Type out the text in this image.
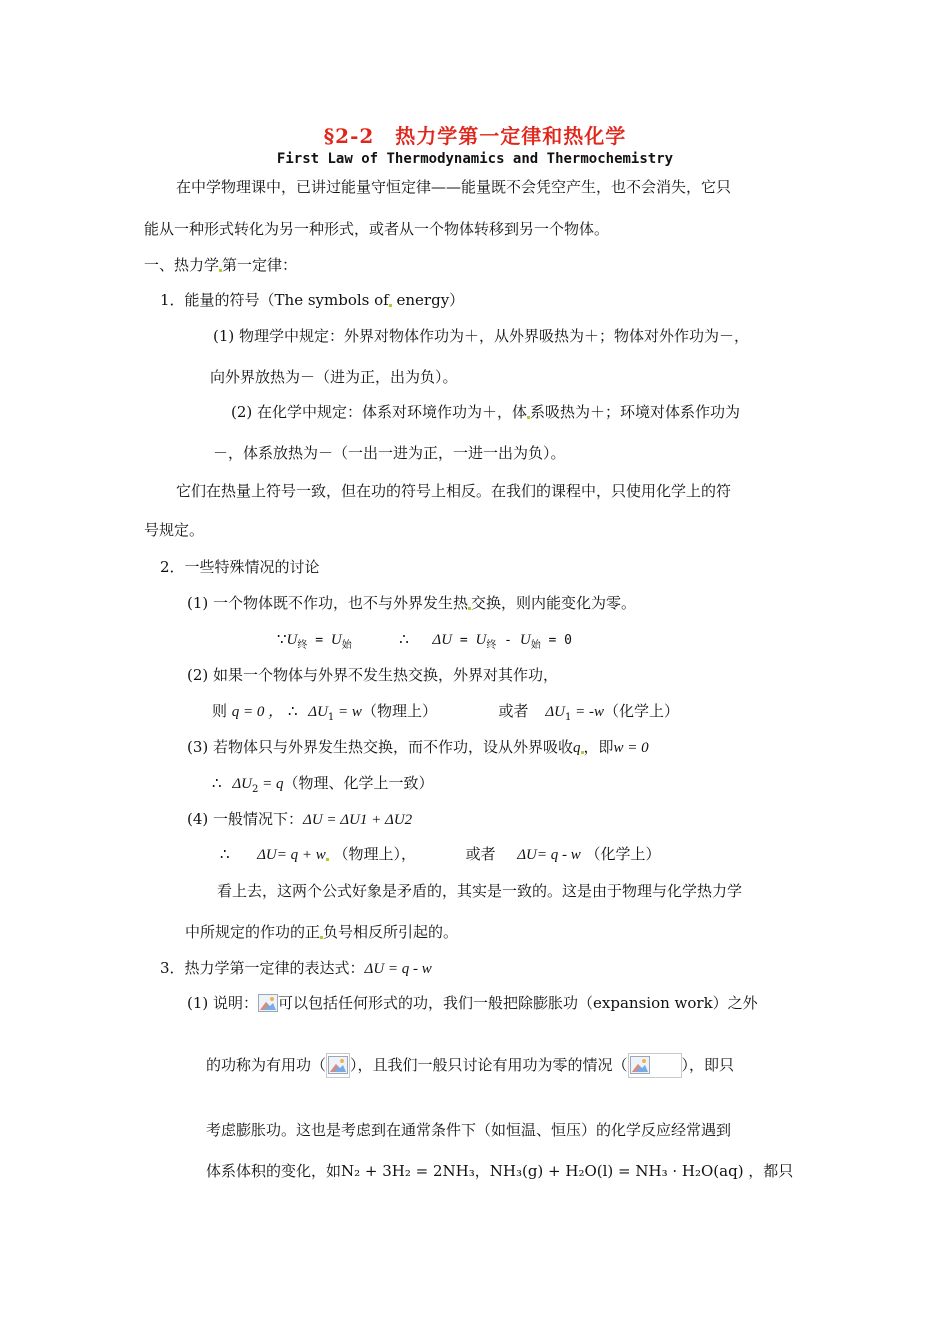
§2-2　热力学第一定律和热化学
First Law of Thermodynamics and Thermochemistry
在中学物理课中，已讲过能量守恒定律——能量既不会凭空产生，也不会消失，它只
能从一种形式转化为另一种形式，或者从一个物体转移到另一个物体。
一、热力学 第一定律：
1．能量的符号（The symbols of energy）
(1) 物理学中规定：外界对物体作功为＋，从外界吸热为＋；物体对外作功为－，
向外界放热为－（进为正，出为负）。
(2) 在化学中规定：体系对环境作功为＋，体 系吸热为＋；环境对体系作功为
－，体系放热为－（一出一进为正，一进一出为负）。
它们在热量上符号一致，但在功的符号上相反。在我们的课程中，只使用化学上的符
号规定。
2．一些特殊情况的讨论
(1) 一个物体既不作功，也不与外界发生热 交换，则内能变化为零。
$\because U_终 = U_始$	∴ $\Delta U = U_终 - U_始 = 0$
(2) 如果一个物体与外界不发生热交换，外界对其作功，
则 q = 0 ， ∴ $\Delta U_1 = w$（物理上）	或者 $\Delta U_1 = -w$（化学上）
(3) 若物体只与外界发生热交换，而不作功，设从外界吸收q ，即w = 0
∴ $\Delta U_2 = q$（物理、化学上一致）
(4) 一般情况下：ΔU = ΔU1 + ΔU2
∴ ΔU= q + w （物理上），	或者 ΔU= q - w （化学上）
看上去，这两个公式好象是矛盾的，其实是一致的。这是由于物理与化学热力学
中所规定的作功的正 负号相反所引起的。
3．热力学第一定律的表达式：ΔU = q - w
(1) 说明： 可以包括任何形式的功，我们一般把除膨胀功（expansion work）之外
的功称为有用功（ ），且我们一般只讨论有用功为零的情况（	），即只
考虑膨胀功。这也是考虑到在通常条件下（如恒温、恒压）的化学反应经常遇到
体系体积的变化，如N₂ + 3H₂ = 2NH₃，NH₃(g) + H₂O(l) = NH₃ · H₂O(aq) ，都只
